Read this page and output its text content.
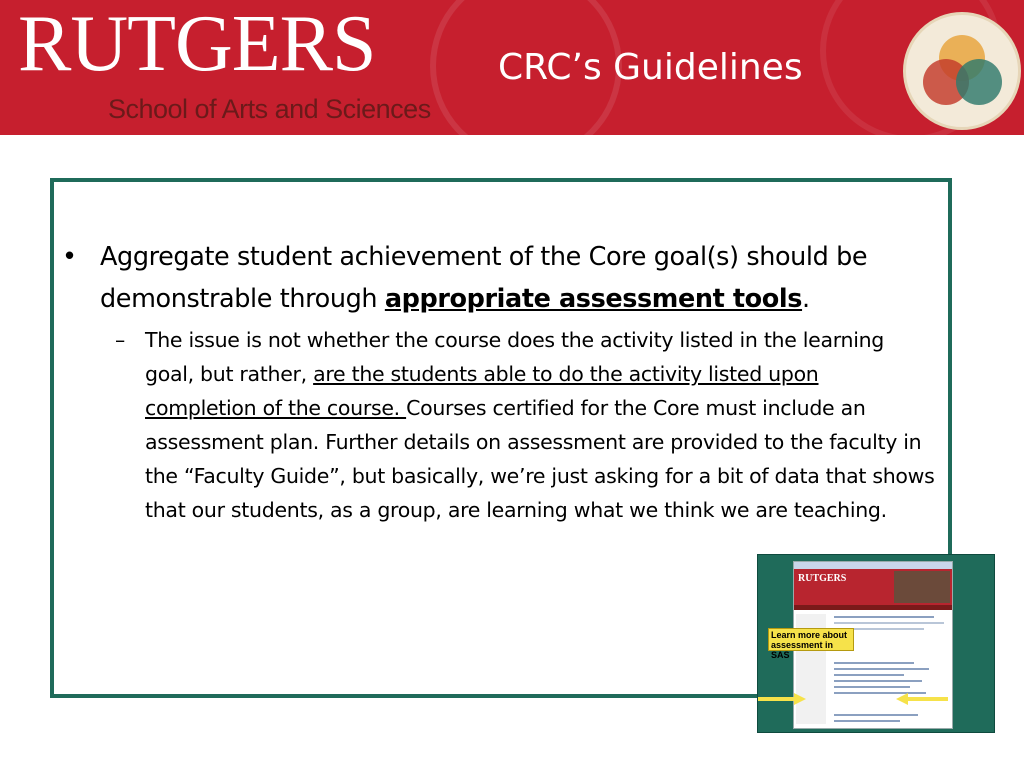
RUTGERS
School of Arts and Sciences
CRC’s Guidelines
• Aggregate student achievement of the Core goal(s) should be demonstrable through appropriate assessment tools.
– The issue is not whether the course does the activity listed in the learning goal, but rather, are the students able to do the activity listed upon completion of the course. Courses certified for the Core must include an assessment plan. Further details on assessment are provided to the faculty in the “Faculty Guide”, but basically, we’re just asking for a bit of data that shows that our students, as a group, are learning what we think we are teaching.
RUTGERS
Learn more about assessment in SAS
